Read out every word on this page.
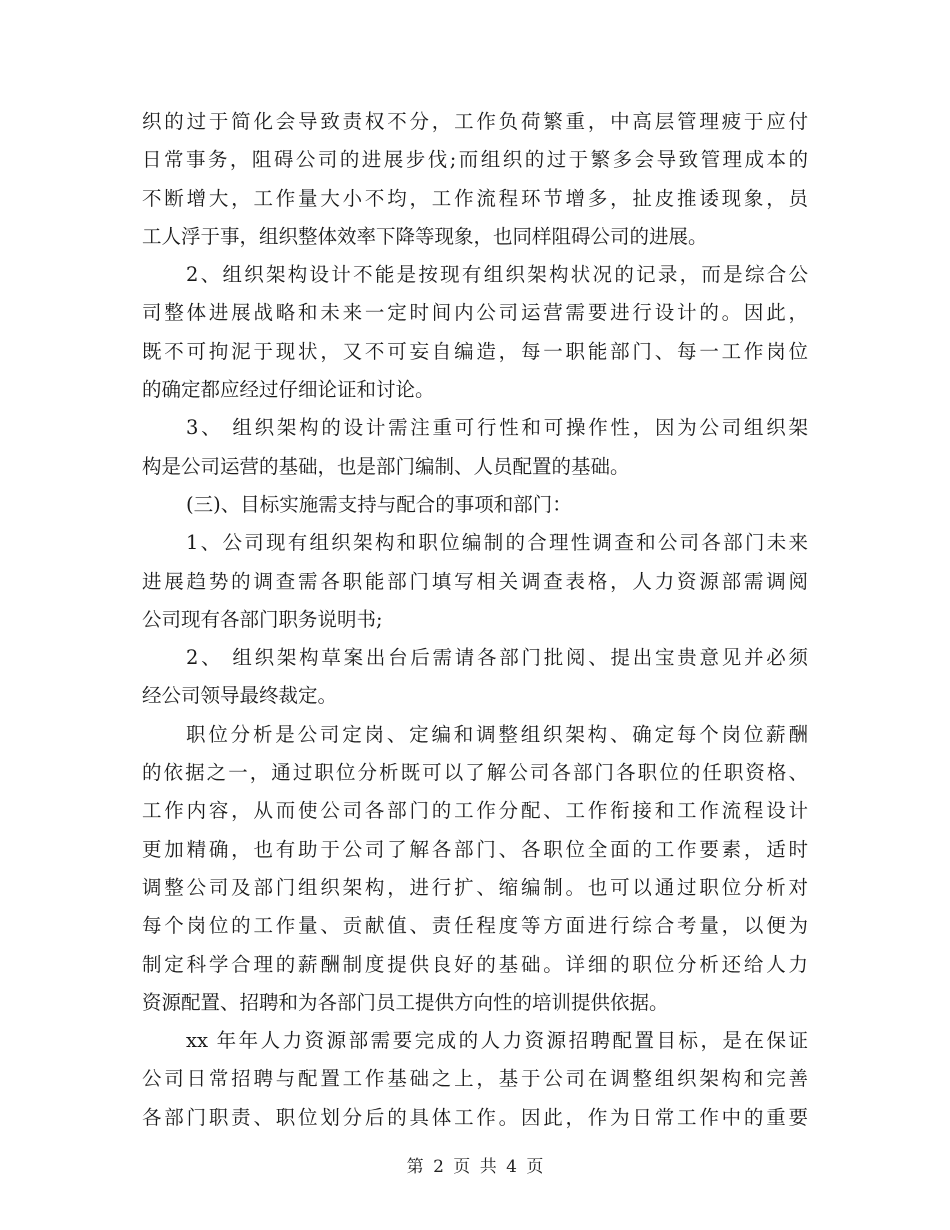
织的过于简化会导致责权不分，工作负荷繁重，中高层管理疲于应付
日常事务，阻碍公司的进展步伐;而组织的过于繁多会导致管理成本的
不断增大，工作量大小不均，工作流程环节增多，扯皮推诿现象，员
工人浮于事，组织整体效率下降等现象，也同样阻碍公司的进展。
2、组织架构设计不能是按现有组织架构状况的记录，而是综合公
司整体进展战略和未来一定时间内公司运营需要进行设计的。因此，
既不可拘泥于现状，又不可妄自编造，每一职能部门、每一工作岗位
的确定都应经过仔细论证和讨论。
3、 组织架构的设计需注重可行性和可操作性，因为公司组织架
构是公司运营的基础，也是部门编制、人员配置的基础。
(三)、目标实施需支持与配合的事项和部门：
1、公司现有组织架构和职位编制的合理性调查和公司各部门未来
进展趋势的调查需各职能部门填写相关调查表格，人力资源部需调阅
公司现有各部门职务说明书;
2、 组织架构草案出台后需请各部门批阅、提出宝贵意见并必须
经公司领导最终裁定。
职位分析是公司定岗、定编和调整组织架构、确定每个岗位薪酬
的依据之一，通过职位分析既可以了解公司各部门各职位的任职资格、
工作内容，从而使公司各部门的工作分配、工作衔接和工作流程设计
更加精确，也有助于公司了解各部门、各职位全面的工作要素，适时
调整公司及部门组织架构，进行扩、缩编制。也可以通过职位分析对
每个岗位的工作量、贡献值、责任程度等方面进行综合考量，以便为
制定科学合理的薪酬制度提供良好的基础。详细的职位分析还给人力
资源配置、招聘和为各部门员工提供方向性的培训提供依据。
xx 年年人力资源部需要完成的人力资源招聘配置目标，是在保证
公司日常招聘与配置工作基础之上，基于公司在调整组织架构和完善
各部门职责、职位划分后的具体工作。因此，作为日常工作中的重要
第 2 页 共 4 页
